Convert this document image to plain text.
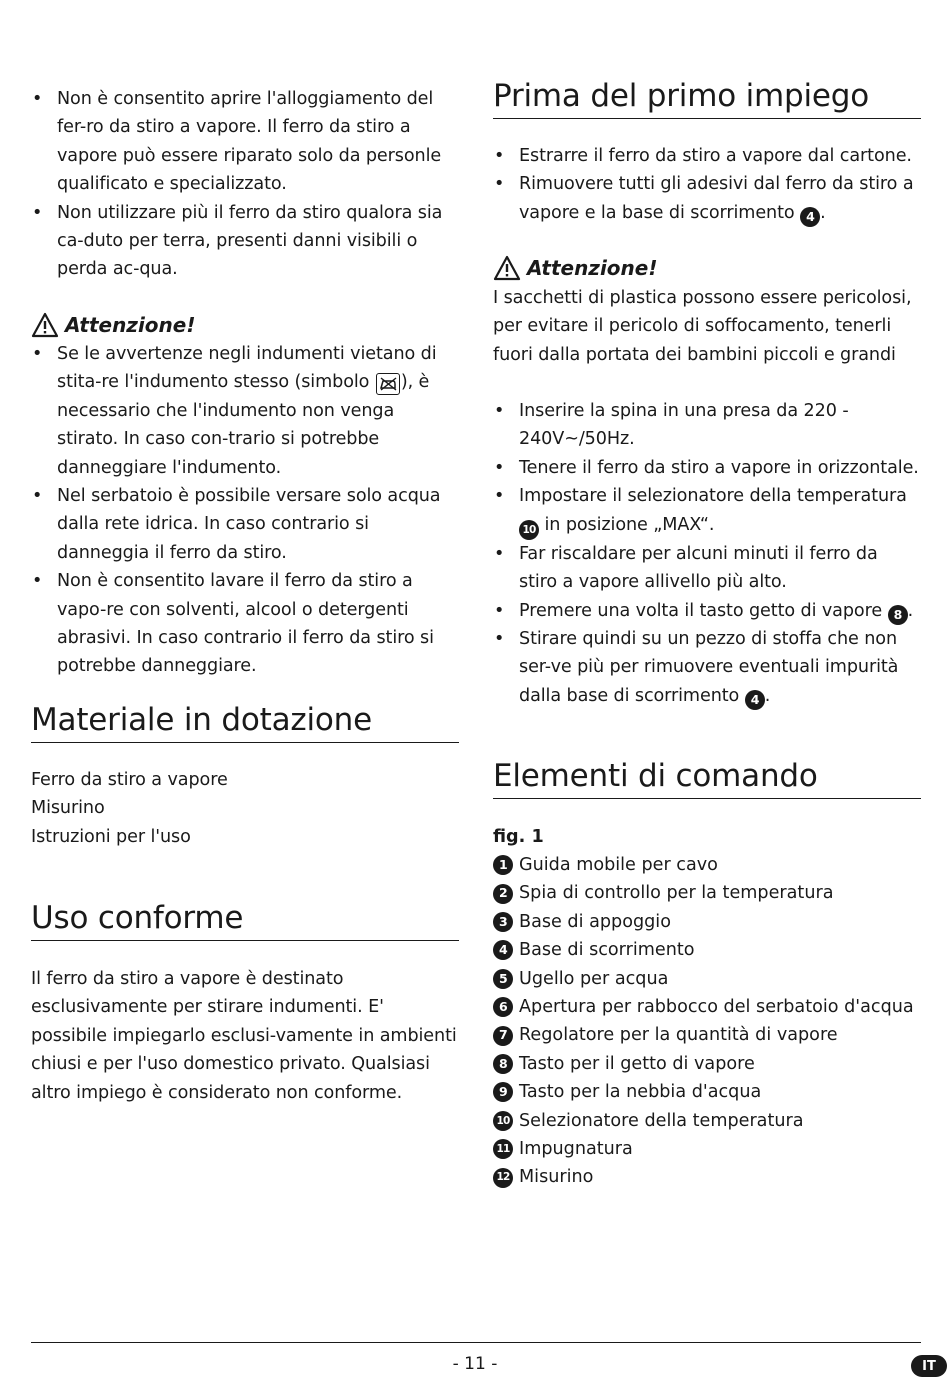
• Non è consentito aprire l'alloggiamento del fer-ro da stiro a vapore. Il ferro da stiro a vapore può essere riparato solo da personle qualificato e specializzato.
• Non utilizzare più il ferro da stiro qualora sia ca-duto per terra, presenti danni visibili o perda ac-qua.
Attenzione!
• Se le avvertenze negli indumenti vietano di stita-re l'indumento stesso (simbolo
), è necessario che l'indumento non venga stirato. In caso con-trario si potrebbe danneggiare l'indumento.
• Nel serbatoio è possibile versare solo acqua dalla rete idrica. In caso contrario si danneggia il ferro da stiro.
• Non è consentito lavare il ferro da stiro a vapo-re con solventi, alcool o detergenti abrasivi. In caso contrario il ferro da stiro si potrebbe danneggiare.
Materiale in dotazione

Ferro da stiro a vapore

Misurino

Istruzioni per l'uso

Uso conforme

Il ferro da stiro a vapore è destinato esclusivamente per stirare indumenti. E' possibile impiegarlo esclusi-vamente in ambienti chiusi e per l'uso domestico privato. Qualsiasi altro impiego è considerato non conforme.

Prima del primo impiego
• Estrarre il ferro da stiro a vapore dal cartone.
• Rimuovere tutti gli adesivi dal ferro da stiro a vapore e la base di scorrimento 4 .
Attenzione!

I sacchetti di plastica possono essere pericolosi, per evitare il pericolo di soffocamento, tenerli fuori dalla portata dei bambini piccoli e grandi

• Inserire la spina in una presa da 220 - 240V~/50Hz.
• Tenere il ferro da stiro a vapore in orizzontale.
• Impostare il selezionatore della temperatura 10 in posizione „MAX“.
• Far riscaldare per alcuni minuti il ferro da stiro a vapore allivello più alto.
• Premere una volta il tasto getto di vapore 8 .
• Stirare quindi su un pezzo di stoffa che non ser-ve più per rimuovere eventuali impurità dalla base di scorrimento 4 .
Elementi di comando
fig. 1
1 Guida mobile per cavo
2 Spia di controllo per la temperatura
3 Base di appoggio
4 Base di scorrimento
5 Ugello per acqua
6 Apertura per rabbocco del serbatoio d'acqua
7 Regolatore per la quantità di vapore
8 Tasto per il getto di vapore
9 Tasto per la nebbia d'acqua
10 Selezionatore della temperatura
11 Impugnatura
12 Misurino
- 11 -	IT
